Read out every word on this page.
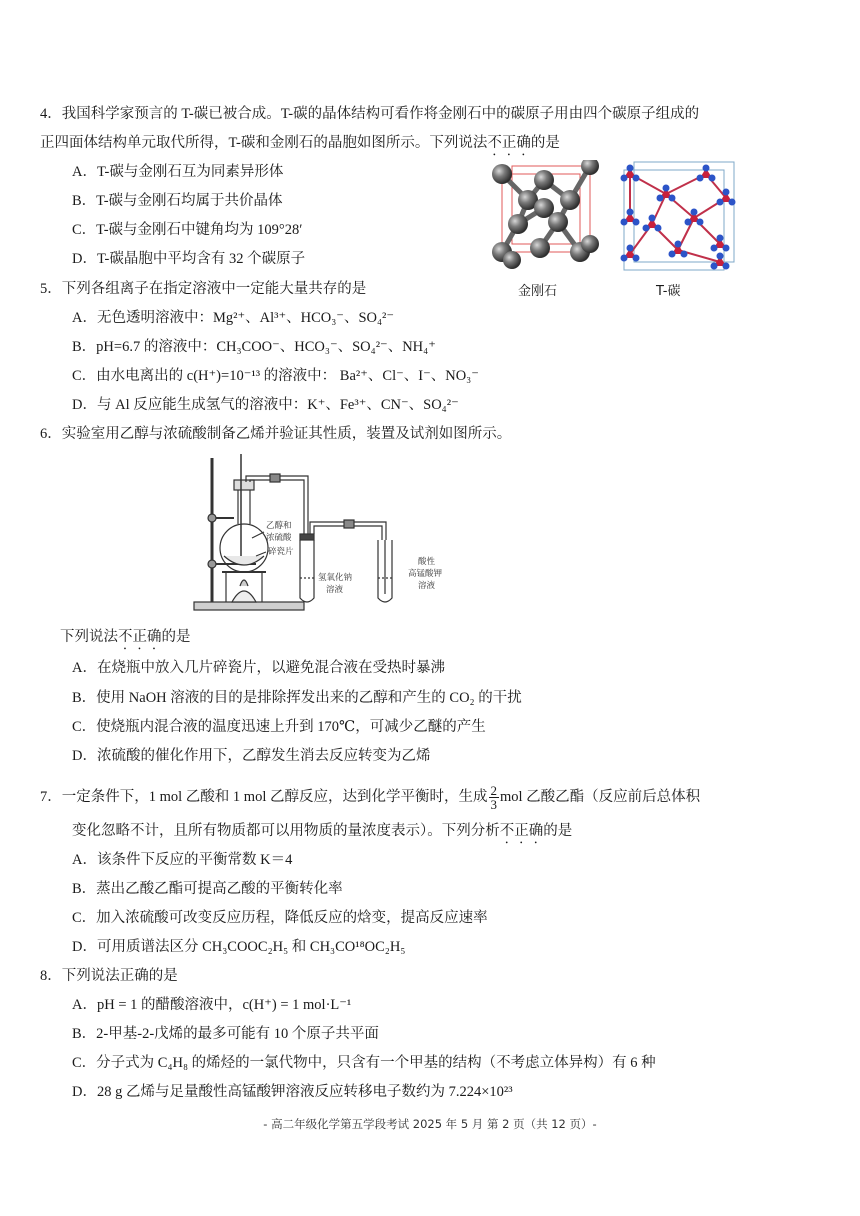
4．我国科学家预言的 T-碳已被合成。T-碳的晶体结构可看作将金刚石中的碳原子用由四个碳原子组成的
正四面体结构单元取代所得，T-碳和金刚石的晶胞如图所示。下列说法不正确的是
A．T-碳与金刚石互为同素异形体
B．T-碳与金刚石均属于共价晶体
C．T-碳与金刚石中键角均为 109°28′
D．T-碳晶胞中平均含有 32 个碳原子
金刚石	T-碳
5．下列各组离子在指定溶液中一定能大量共存的是
A．无色透明溶液中：Mg²⁺、Al³⁺、HCO₃⁻、SO₄²⁻
B．pH=6.7 的溶液中：CH₃COO⁻、HCO₃⁻、SO₄²⁻、NH₄⁺
C．由水电离出的 c(H⁺)=10⁻¹³ 的溶液中： Ba²⁺、Cl⁻、I⁻、NO₃⁻
D．与 Al 反应能生成氢气的溶液中：K⁺、Fe³⁺、CN⁻、SO₄²⁻
6．实验室用乙醇与浓硫酸制备乙烯并验证其性质，装置及试剂如图所示。
乙醇和
浓硫酸
碎瓷片
氢氧化钠
溶液
酸性
高锰酸钾
溶液
下列说法不正确的是
A．在烧瓶中放入几片碎瓷片，以避免混合液在受热时暴沸
B．使用 NaOH 溶液的目的是排除挥发出来的乙醇和产生的 CO₂ 的干扰
C．使烧瓶内混合液的温度迅速上升到 170℃，可减少乙醚的产生
D．浓硫酸的催化作用下，乙醇发生消去反应转变为乙烯
7．一定条件下，1 mol 乙酸和 1 mol 乙醇反应，达到化学平衡时，生成 $\frac{2}{3}$ mol 乙酸乙酯（反应前后总体积
变化忽略不计，且所有物质都可以用物质的量浓度表示）。下列分析不正确的是
A．该条件下反应的平衡常数 K＝4
B．蒸出乙酸乙酯可提高乙酸的平衡转化率
C．加入浓硫酸可改变反应历程，降低反应的焓变，提高反应速率
D．可用质谱法区分 CH₃COOC₂H₅ 和 CH₃CO¹⁸OC₂H₅
8．下列说法正确的是
A．pH = 1 的醋酸溶液中，c(H⁺) = 1 mol·L⁻¹
B．2-甲基-2-戊烯的最多可能有 10 个原子共平面
C．分子式为 C₄H₈ 的烯烃的一氯代物中，只含有一个甲基的结构（不考虑立体异构）有 6 种
D．28 g 乙烯与足量酸性高锰酸钾溶液反应转移电子数约为 7.224×10²³
- 高二年级化学第五学段考试 2025 年 5 月 第 2 页（共 12 页）-
